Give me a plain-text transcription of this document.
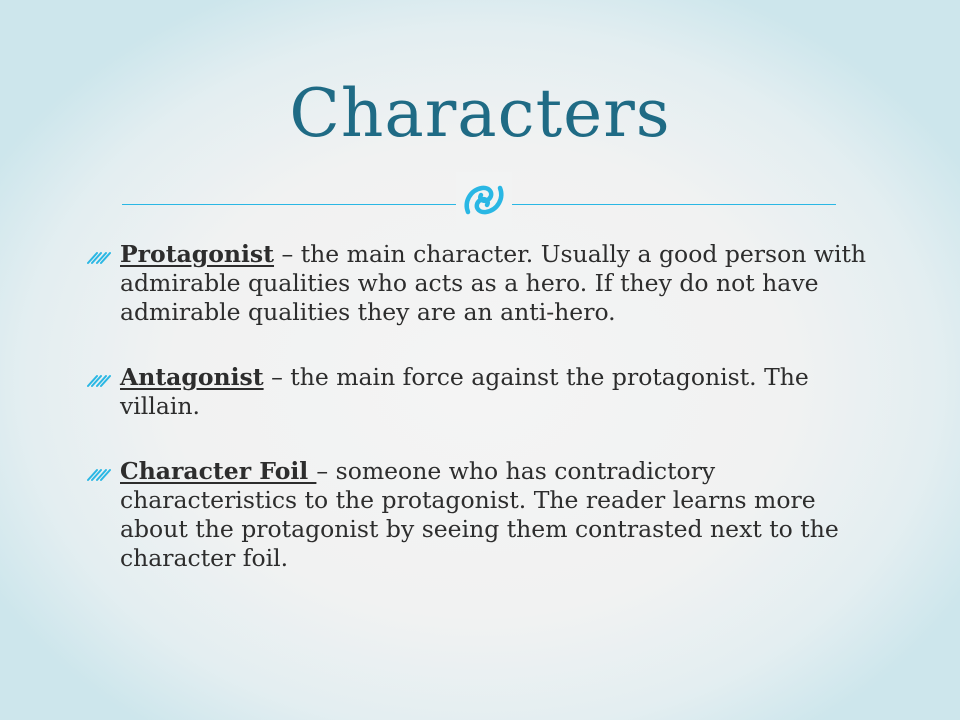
Characters
Protagonist – the main character. Usually a good person with admirable qualities who acts as a hero. If they do not have admirable qualities they are an anti-hero.
Antagonist – the main force against the protagonist. The villain.
Character Foil – someone who has contradictory characteristics to the protagonist. The reader learns more about the protagonist by seeing them contrasted next to the character foil.
